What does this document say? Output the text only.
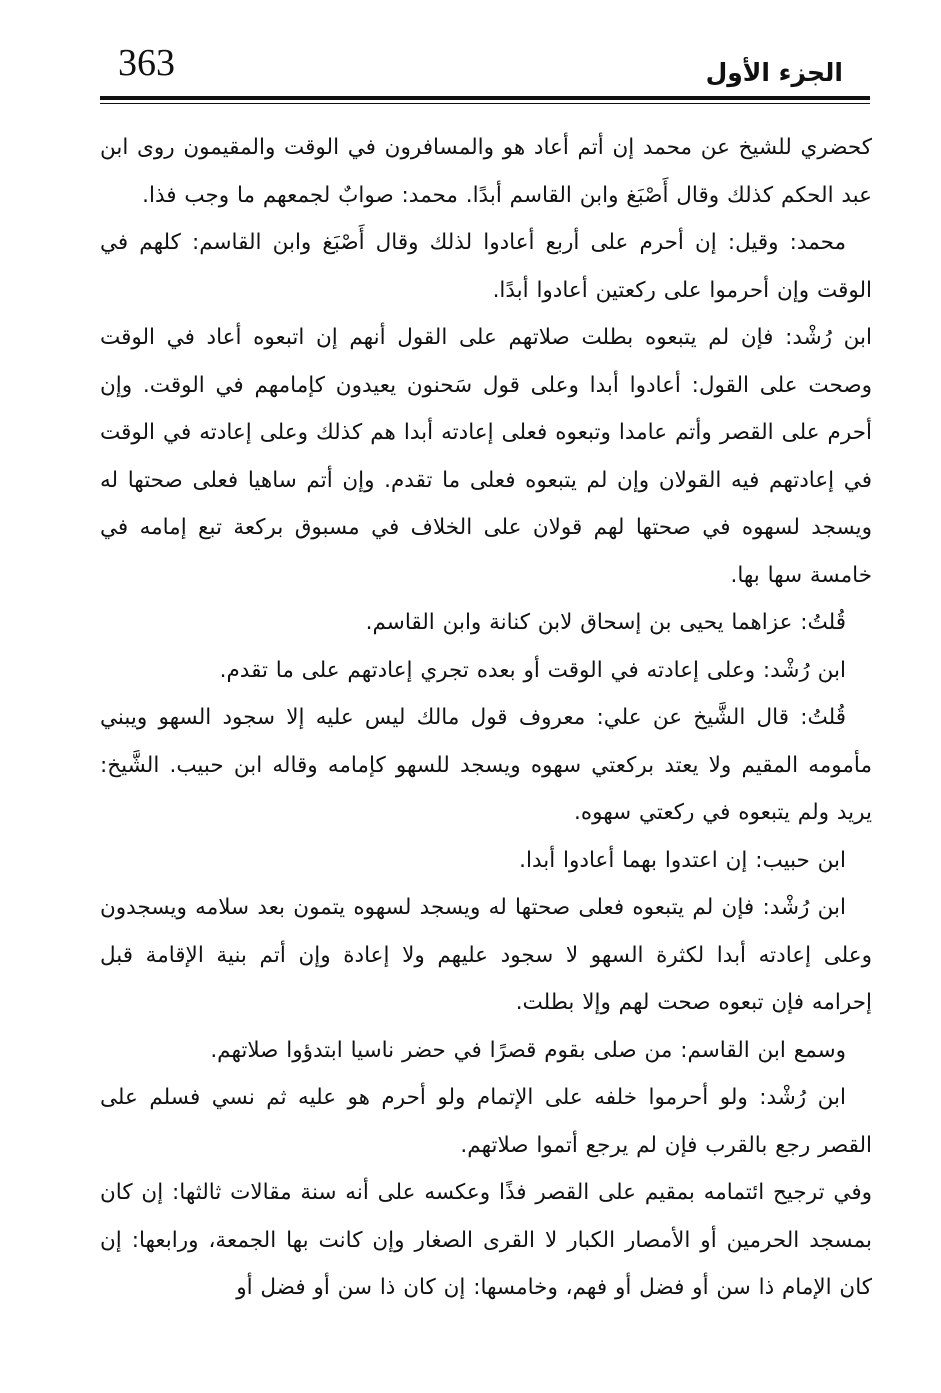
363	الجزء الأول

كحضري للشيخ عن محمد إن أتم أعاد هو والمسافرون في الوقت والمقيمون روى ابن عبد الحكم كذلك وقال أَصْبَغ وابن القاسم أبدًا. محمد: صوابٌ لجمعهم ما وجب فذا.

محمد: وقيل: إن أحرم على أربع أعادوا لذلك وقال أَصْبَغ وابن القاسم: كلهم في الوقت وإن أحرموا على ركعتين أعادوا أبدًا.

ابن رُشْد: فإن لم يتبعوه بطلت صلاتهم على القول أنهم إن اتبعوه أعاد في الوقت وصحت على القول: أعادوا أبدا وعلى قول سَحنون يعيدون كإمامهم في الوقت. وإن أحرم على القصر وأتم عامدا وتبعوه فعلى إعادته أبدا هم كذلك وعلى إعادته في الوقت في إعادتهم فيه القولان وإن لم يتبعوه فعلى ما تقدم. وإن أتم ساهيا فعلى صحتها له ويسجد لسهوه في صحتها لهم قولان على الخلاف في مسبوق بركعة تبع إمامه في خامسة سها بها.

قُلتُ: عزاهما يحيى بن إسحاق لابن كنانة وابن القاسم.

ابن رُشْد: وعلى إعادته في الوقت أو بعده تجري إعادتهم على ما تقدم.

قُلتُ: قال الشَّيخ عن علي: معروف قول مالك ليس عليه إلا سجود السهو ويبني مأمومه المقيم ولا يعتد بركعتي سهوه ويسجد للسهو كإمامه وقاله ابن حبيب. الشَّيخ: يريد ولم يتبعوه في ركعتي سهوه.

ابن حبيب: إن اعتدوا بهما أعادوا أبدا.

ابن رُشْد: فإن لم يتبعوه فعلى صحتها له ويسجد لسهوه يتمون بعد سلامه ويسجدون وعلى إعادته أبدا لكثرة السهو لا سجود عليهم ولا إعادة وإن أتم بنية الإقامة قبل إحرامه فإن تبعوه صحت لهم وإلا بطلت.

وسمع ابن القاسم: من صلى بقوم قصرًا في حضر ناسيا ابتدؤوا صلاتهم.

ابن رُشْد: ولو أحرموا خلفه على الإتمام ولو أحرم هو عليه ثم نسي فسلم على القصر رجع بالقرب فإن لم يرجع أتموا صلاتهم.

وفي ترجيح ائتمامه بمقيم على القصر فذًا وعكسه على أنه سنة مقالات ثالثها: إن كان بمسجد الحرمين أو الأمصار الكبار لا القرى الصغار وإن كانت بها الجمعة، ورابعها: إن كان الإمام ذا سن أو فضل أو فهم، وخامسها: إن كان ذا سن أو فضل أو
